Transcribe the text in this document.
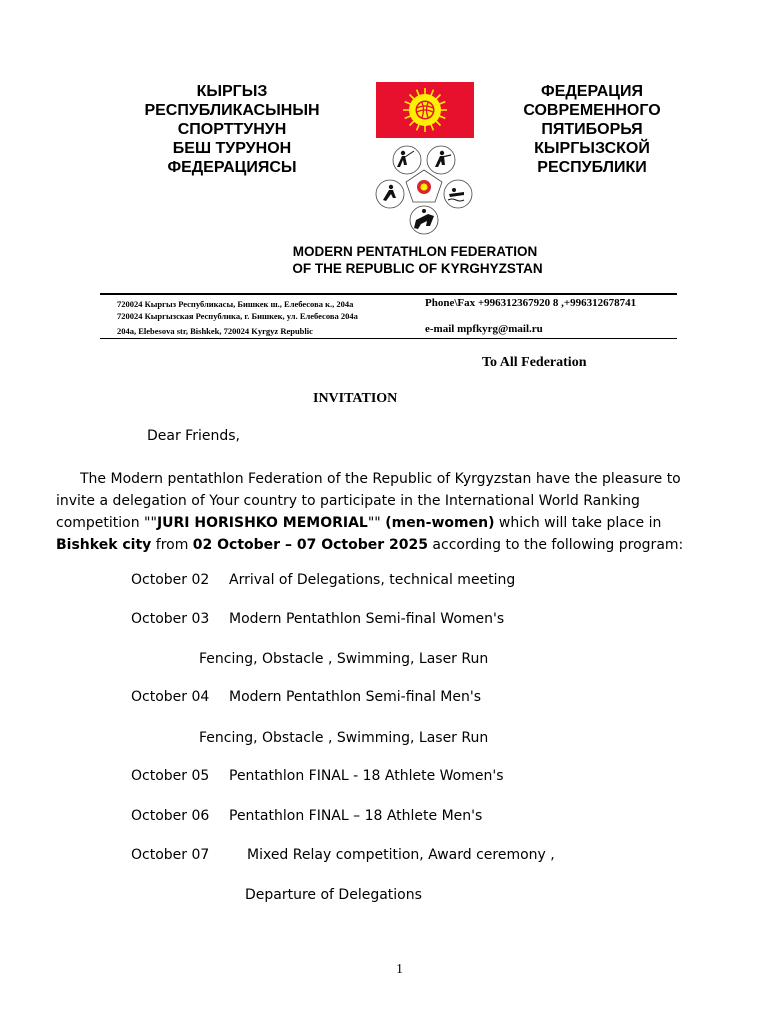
КЫРГЫЗ
РЕСПУБЛИКАСЫНЫН
СПОРТТУНУН
БЕШ ТУРУНОН
ФЕДЕРАЦИЯСЫ
ФЕДЕРАЦИЯ
СОВРЕМЕННОГО
ПЯТИБОРЬЯ
КЫРГЫЗСКОЙ
РЕСПУБЛИКИ
MODERN PENTATHLON FEDERATION
OF THE REPUBLIC OF KYRGHYZSTAN
720024 Кыргыз Республикасы, Бишкек ш., Елебесова к., 204а
720024 Кыргызская Республика, г. Бишкек, ул. Елебесова 204а
204a, Elebesova str, Bishkek, 720024 Kyrgyz Republic
Phone\Fax +996312367920 8 ,+996312678741
e-mail mpfkyrg@mail.ru
To All Federation
INVITATION
Dear Friends,
The Modern pentathlon Federation of the Republic of Kyrgyzstan have the pleasure to invite a delegation of Your country to participate in the International World Ranking competition ""JURI HORISHKO MEMORIAL"" (men-women) which will take place in Bishkek city from 02 October – 07 October 2025 according to the following program:
October 02 Arrival of Delegations, technical meeting
October 03 Modern Pentathlon Semi-final Women's
Fencing, Obstacle , Swimming, Laser Run
October 04 Modern Pentathlon Semi-final Men's
Fencing, Obstacle , Swimming, Laser Run
October 05 Pentathlon FINAL - 18 Athlete Women's
October 06 Pentathlon FINAL – 18 Athlete Men's
October 07	Mixed Relay competition, Award ceremony ,
Departure of Delegations
1
